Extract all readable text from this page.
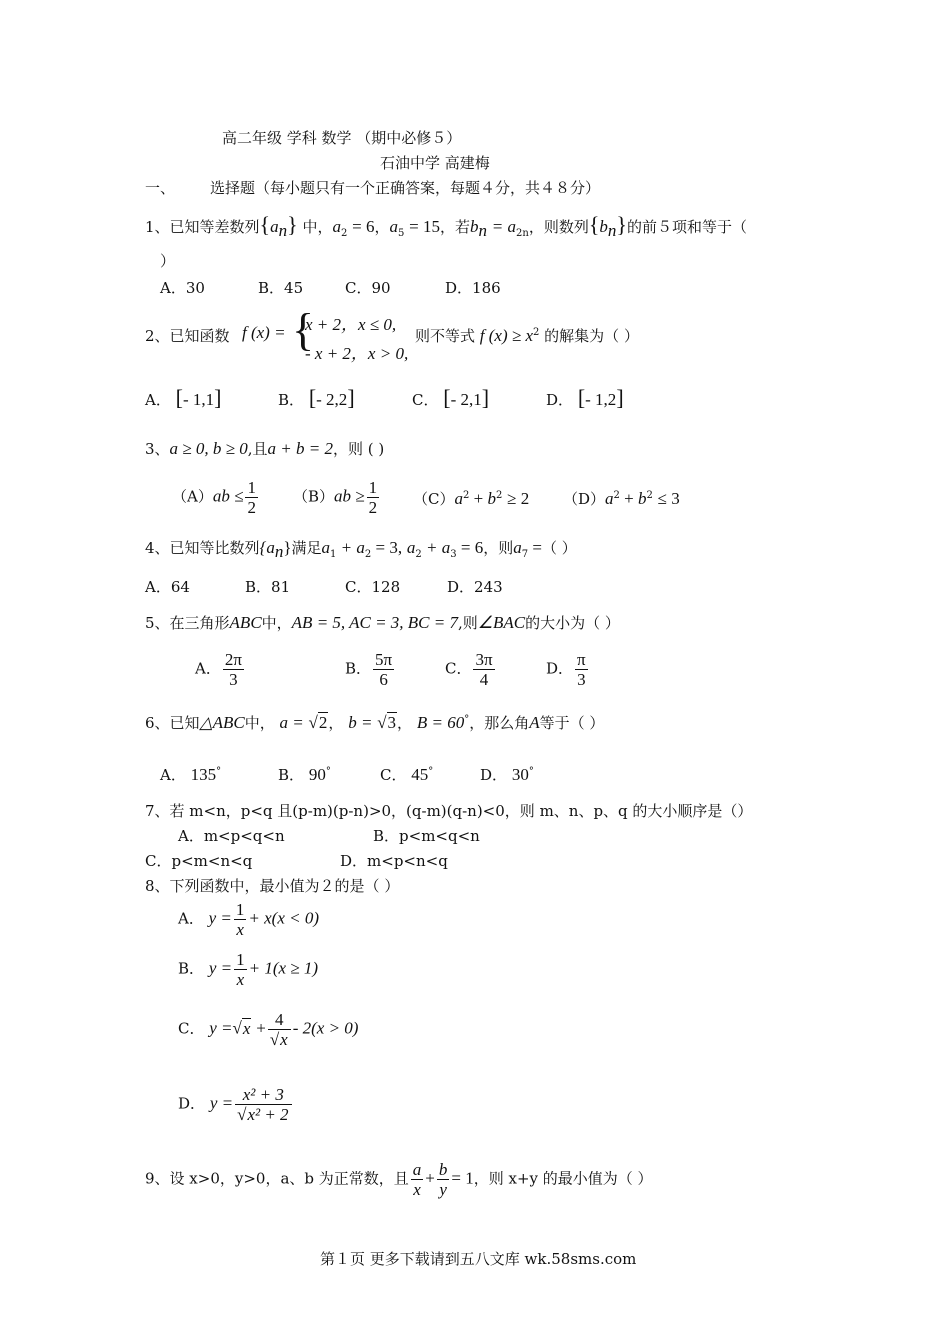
高二年级 学科 数学 （期中必修５）
石油中学 高建梅
一、 选择题（每小题只有一个正确答案，每题４分，共４８分）
1、已知等差数列$\{a_n\}$ 中，$a_2 = 6$，$a_5 = 15$，若$b_n = a_{2n}$，则数列$\{b_n\}$的前５项和等于（
）
A．30	B．45	C．90	D．186
2、已知函数 f (x) = {
x + 2，x ≤ 0,
- x + 2，x > 0,
则不等式 f $(x) \ge x^2$ 的解集为（ ）
A． [- 1,1]	B． [- 2,2]	C． [- 2,1]	D． [- 1,2]
3、a ≥ 0, b ≥ 0,且a + b = 2，则 ( )
$(A)ab \le \frac{1}{2} (B)ab \ge \frac{1}{2} (C)a^2 + b^2 \ge 2$ $(D)a^2 + b^2 \le 3$
4、已知等比数列$\{a_n\}$满足$a_1 + a_2 = 3$, $a_2 + a_3 = 6$，则$a_7$ =（ ）
A．64	B．81	C．128	D．243
5、在三角形ABC中，AB = 5, AC = 3, BC = 7,则∠BAC的大小为（ ）
A． $\frac{2\pi}{3}$	B． $\frac{5\pi}{6}$	C． $\frac{3\pi}{4}$	D． $\frac{\pi}{3}$
6、已知△ABC中， a = √2， b = √3， B = 60°，那么角A等于（ ）
A． 135°	B． 90°	C． 45°	D． 30°
7、若 m<n，p<q 且(p-m)(p-n)>0，(q-m)(q-n)<0，则 m、n、p、q 的大小顺序是（）
A．m<p<q<n	B．p<m<q<n
C．p<m<n<q	D．m<p<n<q
8、下列函数中，最小值为２的是（ ）
A． $y = \frac{1}{x} + x(x < 0)$
B． $y = \frac{1}{x} + 1(x \ge 1)$
C． $y =√x + \frac{4}{√x} - 2(x > 0)$
D． $y = \frac{\text{x² + 3}}{\text{√x² + 2}}$
9、设 x>0，y>0，a、b 为正常数，且 $\frac{a}{x} + \frac{b}{y} = 1$，则 x+y 的最小值为（ ）
第１页 更多下载请到五八文库 wk.58sms.com
